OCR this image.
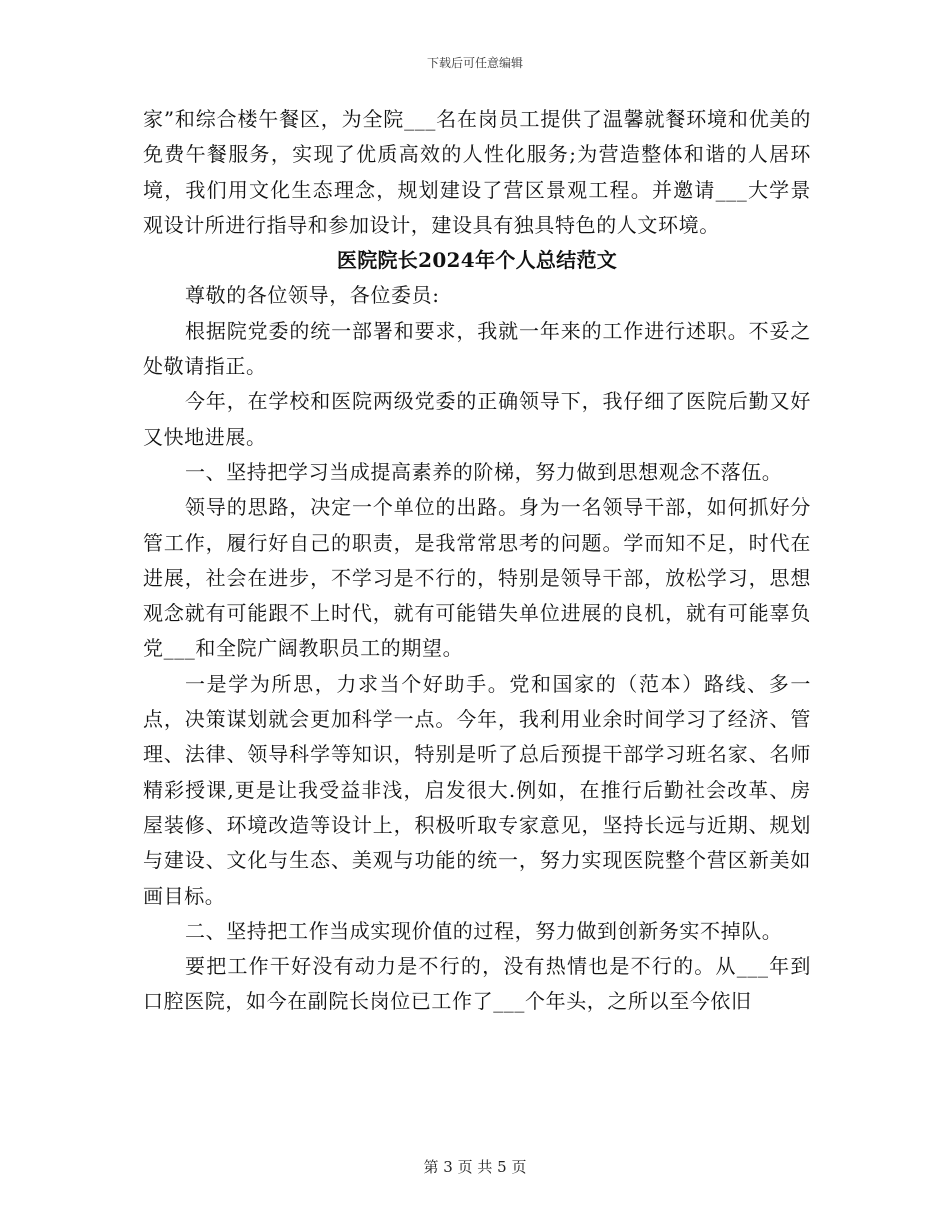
下载后可任意编辑

家”和综合楼午餐区，为全院___名在岗员工提供了温馨就餐环境和优美的免费午餐服务，实现了优质高效的人性化服务;为营造整体和谐的人居环境，我们用文化生态理念，规划建设了营区景观工程。并邀请___大学景观设计所进行指导和参加设计，建设具有独具特色的人文环境。

医院院长2024年个人总结范文

尊敬的各位领导，各位委员:

根据院党委的统一部署和要求，我就一年来的工作进行述职。不妥之处敬请指正。

今年，在学校和医院两级党委的正确领导下，我仔细了医院后勤又好又快地进展。

一、坚持把学习当成提高素养的阶梯，努力做到思想观念不落伍。

领导的思路，决定一个单位的出路。身为一名领导干部，如何抓好分管工作，履行好自己的职责，是我常常思考的问题。学而知不足，时代在进展，社会在进步，不学习是不行的，特别是领导干部，放松学习，思想观念就有可能跟不上时代，就有可能错失单位进展的良机，就有可能辜负党___和全院广阔教职员工的期望。

一是学为所思，力求当个好助手。党和国家的（范本）路线、多一点，决策谋划就会更加科学一点。今年，我利用业余时间学习了经济、管理、法律、领导科学等知识，特别是听了总后预提干部学习班名家、名师精彩授课,更是让我受益非浅，启发很大.例如，在推行后勤社会改革、房屋装修、环境改造等设计上，积极听取专家意见，坚持长远与近期、规划与建设、文化与生态、美观与功能的统一，努力实现医院整个营区新美如画目标。

二、坚持把工作当成实现价值的过程，努力做到创新务实不掉队。

要把工作干好没有动力是不行的，没有热情也是不行的。从___年到口腔医院，如今在副院长岗位已工作了___个年头，之所以至今依旧

第 3 页 共 5 页
